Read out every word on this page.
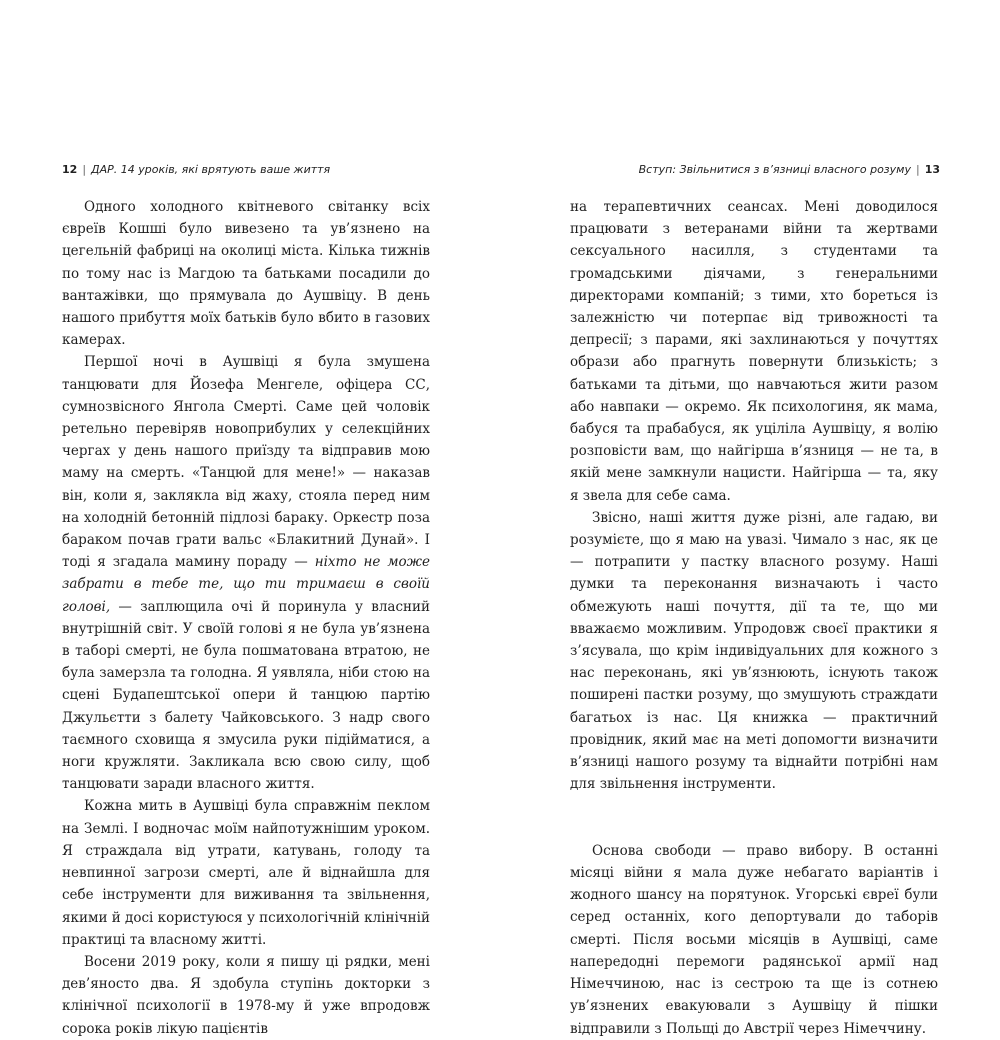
12 | ДАР. 14 уроків, які врятують ваше життя	Вступ: Звільнитися з в’язниці власного розуму | 13

Одного холодного квітневого світанку всіх євреїв Кошші було вивезено та ув’язнено на цегельній фабриці на околиці міста. Кілька тижнів по тому нас із Магдою та батьками посадили до вантажівки, що прямувала до Аушвіцу. В день нашого прибуття моїх батьків було вбито в газових камерах.

Першої ночі в Аушвіці я була змушена танцювати для Йозефа Менгеле, офіцера СС, сумнозвісного Янгола Смерті. Саме цей чоловік ретельно перевіряв новоприбулих у селекційних чергах у день нашого приїзду та відправив мою маму на смерть. «Танцюй для мене!» — наказав він, коли я, заклякла від жаху, стояла перед ним на холодній бетонній підлозі бараку. Оркестр поза бараком почав грати вальс «Блакитний Дунай». І тоді я згадала мамину пораду — ніхто не може забрати в тебе те, що ти тримаєш в своїй голові, — заплющила очі й поринула у власний внутрішній світ. У своїй голові я не була ув’язнена в таборі смерті, не була пошматована втратою, не була замерзла та голодна. Я уявляла, ніби стою на сцені Будапештської опери й танцюю партію Джульєтти з балету Чайковського. З надр свого таємного сховища я змусила руки підійматися, а ноги кружляти. Закликала всю свою силу, щоб танцювати заради власного життя.

Кожна мить в Аушвіці була справжнім пеклом на Землі. І водночас моїм найпотужнішим уроком. Я страждала від утрати, катувань, голоду та невпинної загрози смерті, але й віднайшла для себе інструменти для виживання та звільнення, якими й досі користуюся у психологічній клінічній практиці та власному житті.

Восени 2019 року, коли я пишу ці рядки, мені дев’яносто два. Я здобула ступінь докторки з клінічної психології в 1978-му й уже впродовж сорока років лікую пацієнтів

на терапевтичних сеансах. Мені доводилося працювати з ветеранами війни та жертвами сексуального насилля, з студентами та громадськими діячами, з генеральними директорами компаній; з тими, хто бореться із залежністю чи потерпає від тривожності та депресії; з парами, які захлинаються у почуттях образи або прагнуть повернути близькість; з батьками та дітьми, що навчаються жити разом або навпаки — окремо. Як психологиня, як мама, бабуся та прабабуся, як уціліла Аушвіцу, я волію розповісти вам, що найгірша в’язниця — не та, в якій мене замкнули нацисти. Найгірша — та, яку я звела для себе сама.

Звісно, наші життя дуже різні, але гадаю, ви розумієте, що я маю на увазі. Чимало з нас, як це — потрапити у пастку власного розуму. Наші думки та переконання визначають і часто обмежують наші почуття, дії та те, що ми вважаємо можливим. Упродовж своєї практики я з’ясувала, що крім індивідуальних для кожного з нас переконань, які ув’язнюють, існують також поширені пастки розуму, що змушують страждати багатьох із нас. Ця книжка — практичний провідник, який має на меті допомогти визначити в’язниці нашого розуму та віднайти потрібні нам для звільнення інструменти.

Основа свободи — право вибору. В останні місяці війни я мала дуже небагато варіантів і жодного шансу на порятунок. Угорські євреї були серед останніх, кого депортували до таборів смерті. Після восьми місяців в Аушвіці, саме напередодні перемоги радянської армії над Німеччиною, нас із сестрою та ще із сотнею ув’язнених евакуювали з Аушвіцу й пішки відправили з Польщі до Австрії через Німеччину.
